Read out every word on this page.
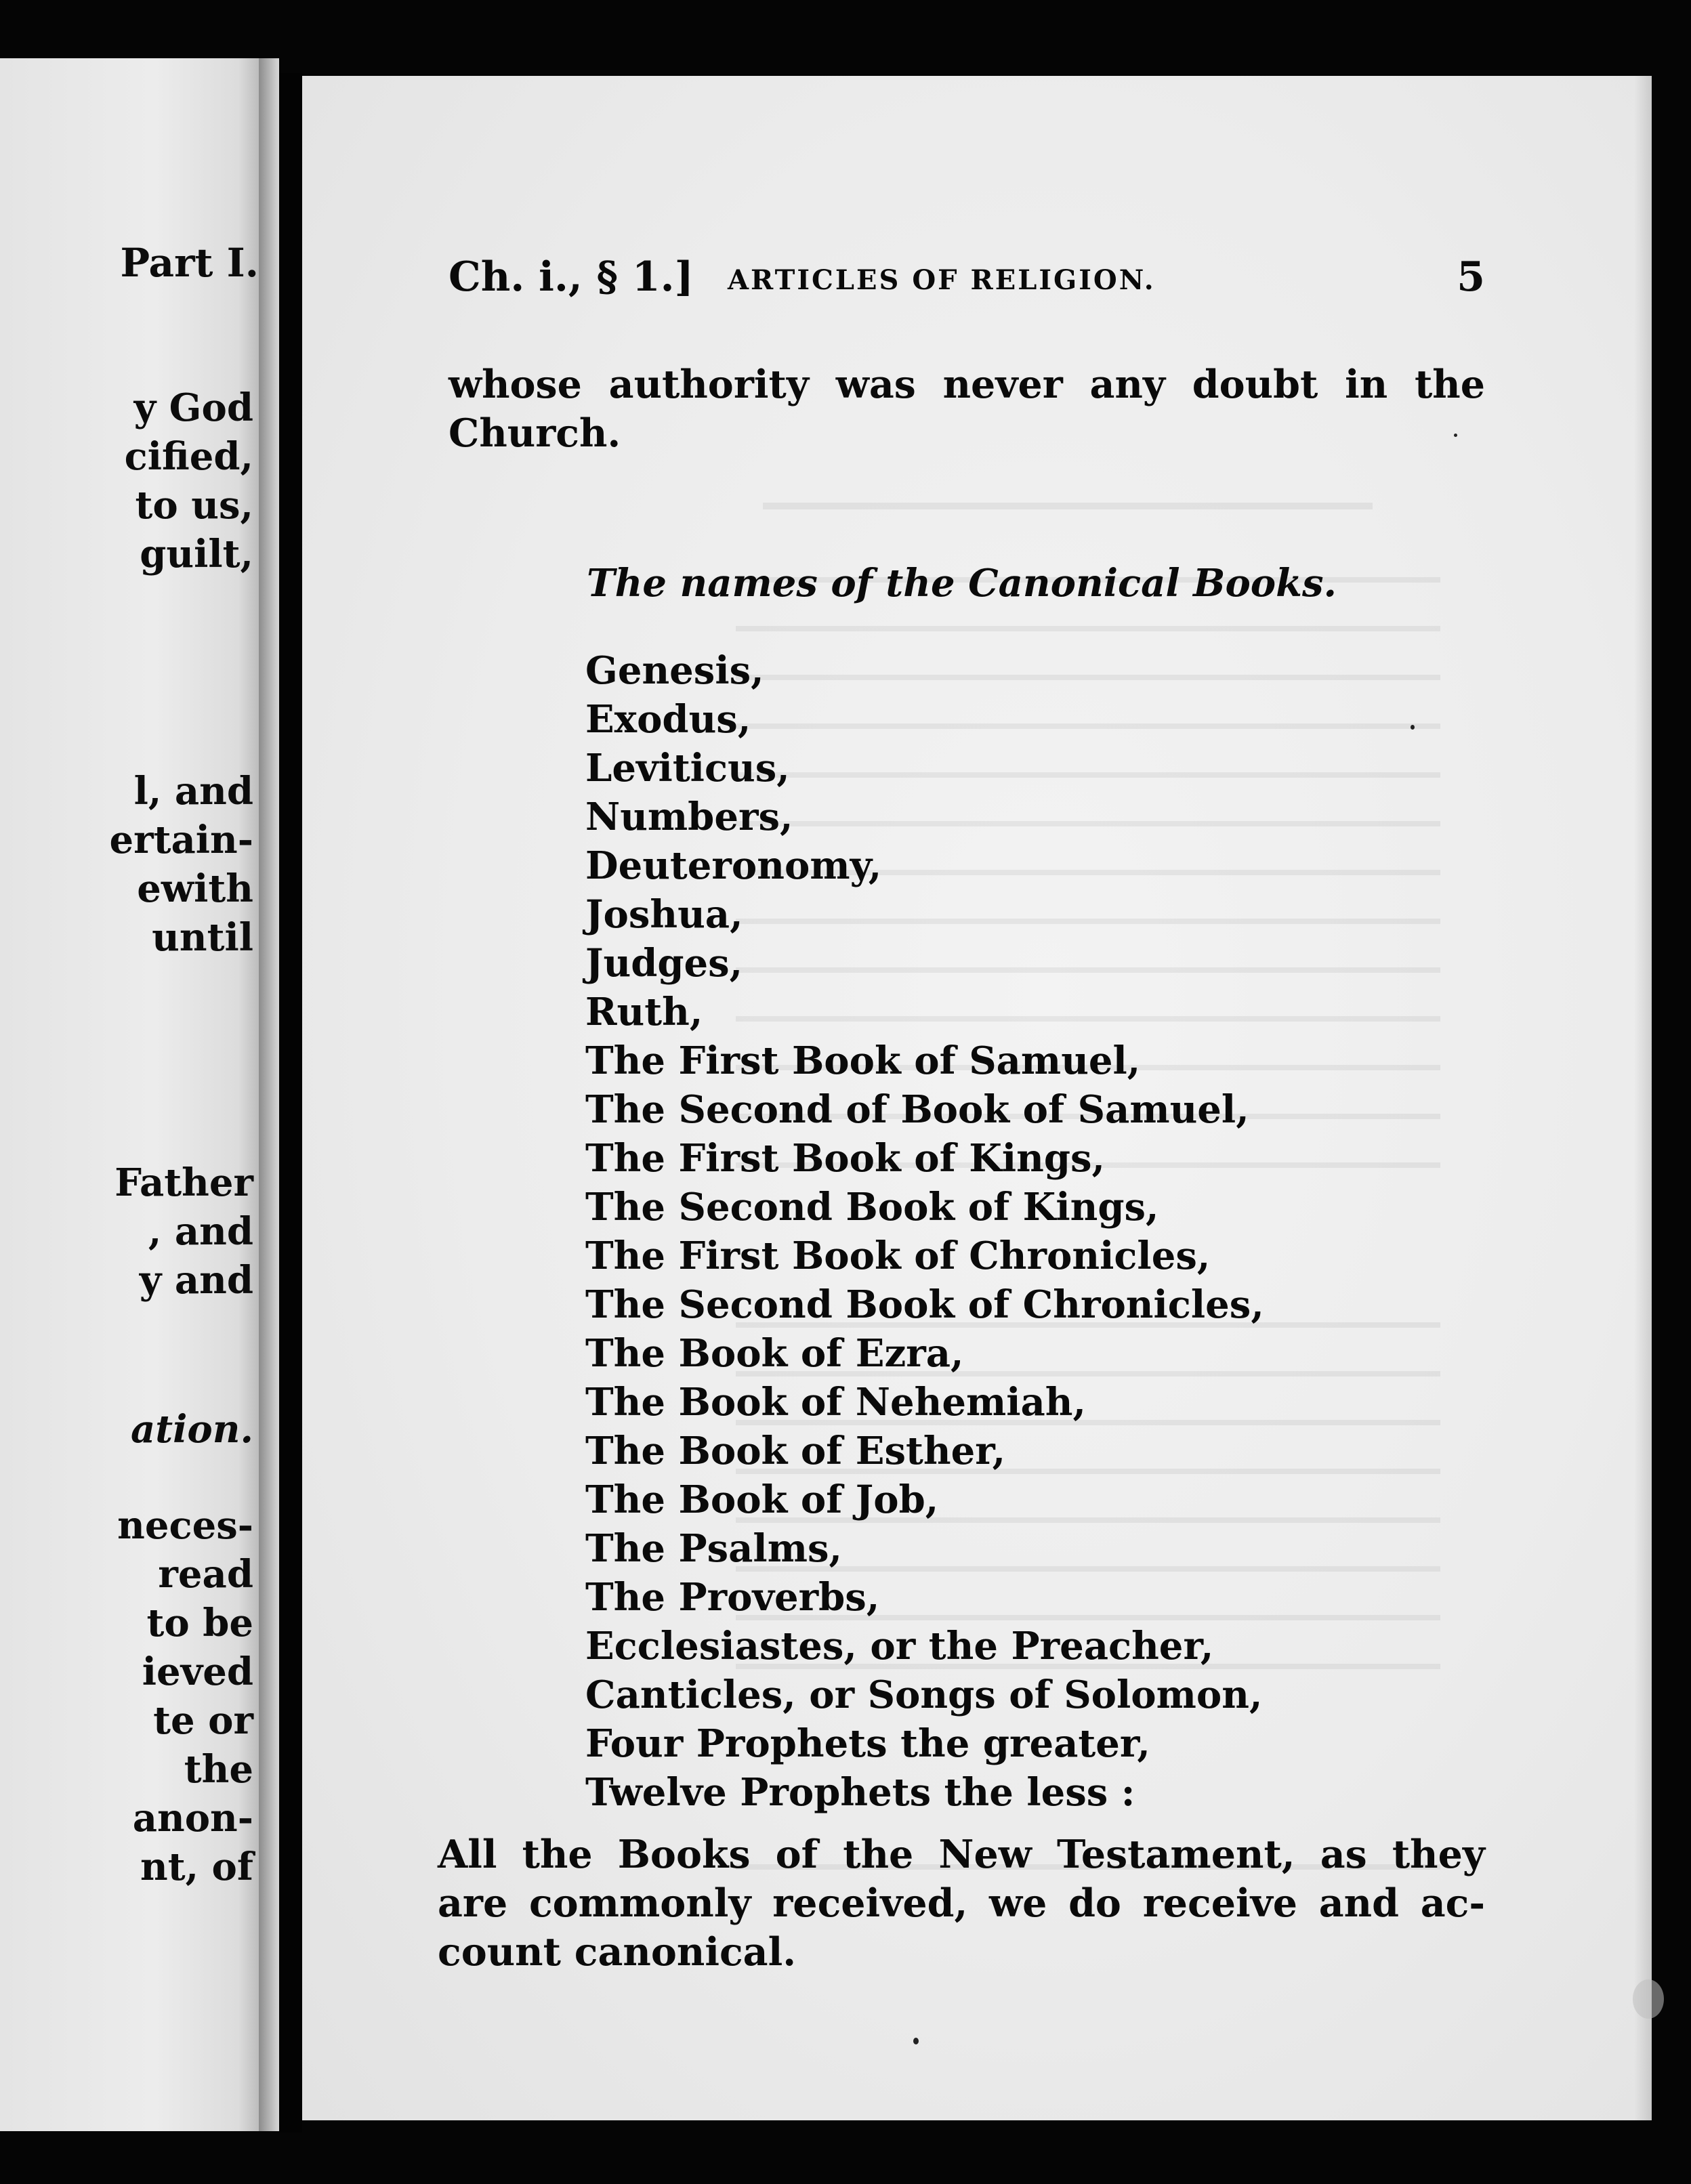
Part I.
y God
cified,
to us,
guilt,
l, and
ertain-
ewith
until
Father
, and
y and
ation.
neces-
read
to be
ieved
te or
the
anon-
nt, of
Ch. i., § 1.] ARTICLES OF RELIGION.	5
whose authority was never any doubt in the
Church.
The names of the Canonical Books.
Genesis,
Exodus,
Leviticus,
Numbers,
Deuteronomy,
Joshua,
Judges,
Ruth,
The First Book of Samuel,
The Second of Book of Samuel,
The First Book of Kings,
The Second Book of Kings,
The First Book of Chronicles,
The Second Book of Chronicles,
The Book of Ezra,
The Book of Nehemiah,
The Book of Esther,
The Book of Job,
The Psalms,
The Proverbs,
Ecclesiastes, or the Preacher,
Canticles, or Songs of Solomon,
Four Prophets the greater,
Twelve Prophets the less :
All the Books of the New Testament, as they
are commonly received, we do receive and ac-
count canonical.
